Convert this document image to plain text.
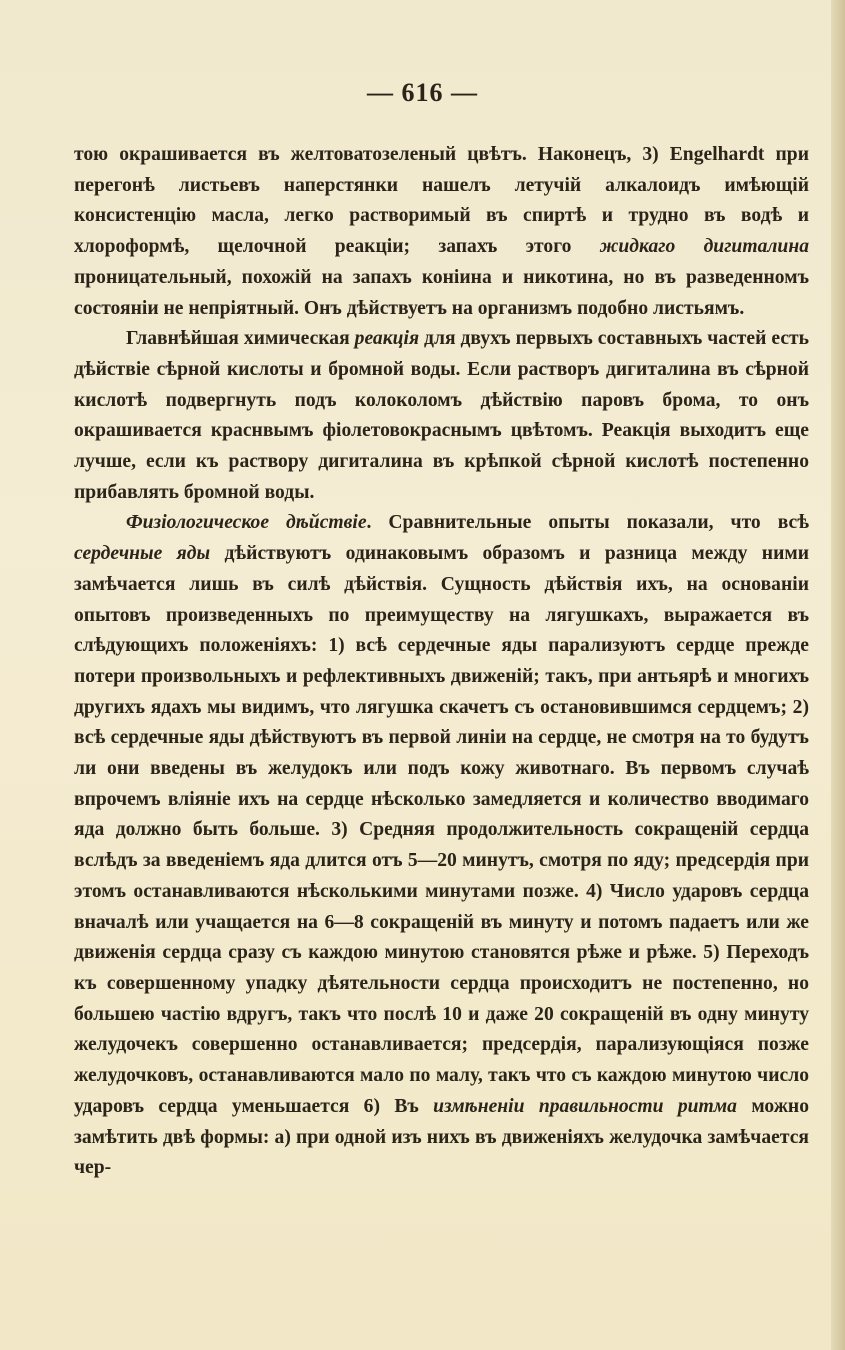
— 616 —

тою окрашивается въ желтоватозеленый цвѣтъ. Наконецъ, 3) Engelhardt при перегонѣ листьевъ наперстянки нашелъ летучій алкалоидъ имѣющій консистенцію масла, легко растворимый въ спиртѣ и трудно въ водѣ и хлороформѣ, щелочной реакціи; запахъ этого жидкаго дигиталина проницательный, похожій на запахъ коніина и никотина, но въ разведенномъ состояніи не непріятный. Онъ дѣйствуетъ на организмъ подобно листьямъ.

Главнѣйшая химическая реакція для двухъ первыхъ составныхъ частей есть дѣйствіе сѣрной кислоты и бромной воды. Если растворъ дигиталина въ сѣрной кислотѣ подвергнуть подъ колоколомъ дѣйствію паровъ брома, то онъ окрашивается краснвымъ фіолетовокраснымъ цвѣтомъ. Реакція выходитъ еще лучше, если къ раствору дигиталина въ крѣпкой сѣрной кислотѣ постепенно прибавлять бромной воды.

Физіологическое дѣйствіе. Сравнительные опыты показали, что всѣ сердечные яды дѣйствуютъ одинаковымъ образомъ и разница между ними замѣчается лишь въ силѣ дѣйствія. Сущность дѣйствія ихъ, на основаніи опытовъ произведенныхъ по преимуществу на лягушкахъ, выражается въ слѣдующихъ положеніяхъ: 1) всѣ сердечные яды парализуютъ сердце прежде потери произвольныхъ и рефлективныхъ движеній; такъ, при антьярѣ и многихъ другихъ ядахъ мы видимъ, что лягушка скачетъ съ остановившимся сердцемъ; 2) всѣ сердечные яды дѣйствуютъ въ первой линіи на сердце, не смотря на то будутъ ли они введены въ желудокъ или подъ кожу животнаго. Въ первомъ случаѣ впрочемъ вліяніе ихъ на сердце нѣсколько замедляется и количество вводимаго яда должно быть больше. 3) Средняя продолжительность сокращеній сердца вслѣдъ за введеніемъ яда длится отъ 5—20 минутъ, смотря по яду; предсердія при этомъ останавливаются нѣсколькими минутами позже. 4) Число ударовъ сердца вначалѣ или учащается на 6—8 сокращеній въ минуту и потомъ падаетъ или же движенія сердца сразу съ каждою минутою становятся рѣже и рѣже. 5) Переходъ къ совершенному упадку дѣятельности сердца происходитъ не постепенно, но большею частію вдругъ, такъ что послѣ 10 и даже 20 сокращеній въ одну минуту желудочекъ совершенно останавливается; предсердія, парализующіяся позже желудочковъ, останавливаются мало по малу, такъ что съ каждою минутою число ударовъ сердца уменьшается 6) Въ измѣненіи правильности ритма можно замѣтить двѣ формы: а) при одной изъ нихъ въ движеніяхъ желудочка замѣчается чер-
